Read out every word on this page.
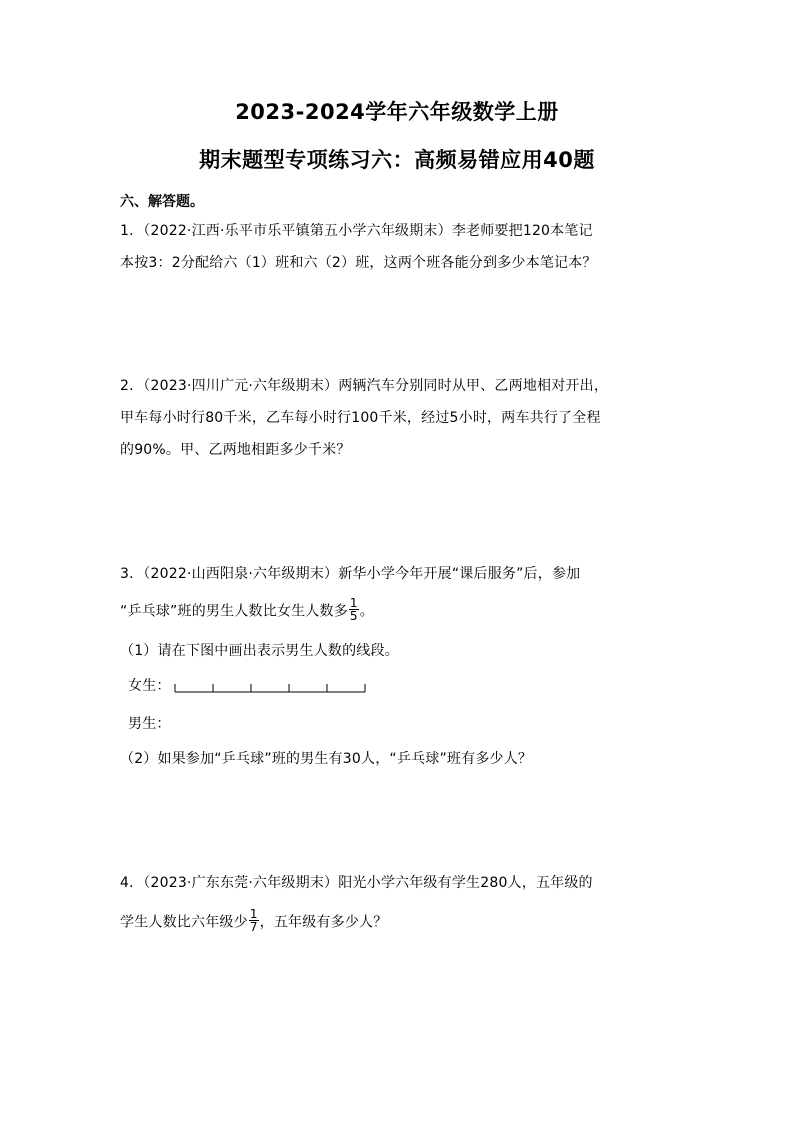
2023-2024学年六年级数学上册
期末题型专项练习六：高频易错应用40题
六、解答题。
1．（2022·江西·乐平市乐平镇第五小学六年级期末）李老师要把120本笔记
本按3：2分配给六（1）班和六（2）班，这两个班各能分到多少本笔记本？
2．（2023·四川广元·六年级期末）两辆汽车分别同时从甲、乙两地相对开出，
甲车每小时行80千米，乙车每小时行100千米，经过5小时，两车共行了全程
的90%。甲、乙两地相距多少千米？
3．（2022·山西阳泉·六年级期末）新华小学今年开展“课后服务”后，参加
“乒乓球”班的男生人数比女生人数多 $\frac{1}{5}$ 。
（1）请在下图中画出表示男生人数的线段。
女生：
男生：
（2）如果参加“乒乓球”班的男生有30人，“乒乓球”班有多少人？
4．（2023·广东东莞·六年级期末）阳光小学六年级有学生280人，五年级的
学生人数比六年级少 $\frac{1}{7}$ ，五年级有多少人？
